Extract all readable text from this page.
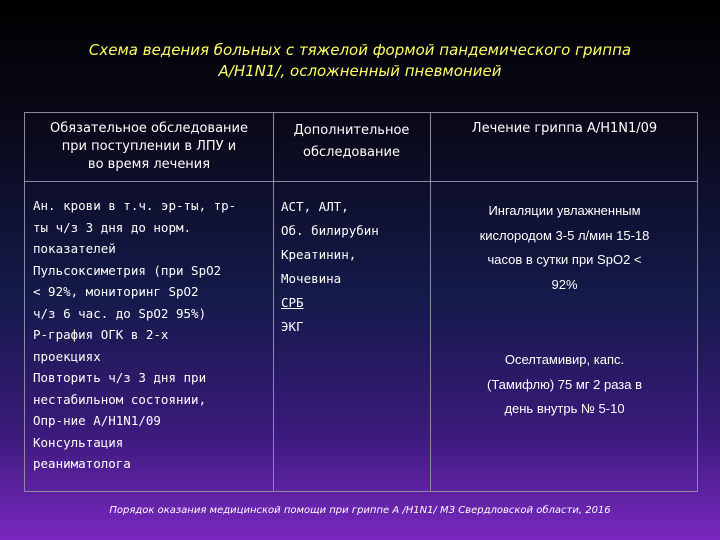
Схема ведения больных с тяжелой формой пандемического гриппа
A/H1N1/, осложненный пневмонией
Обязательное обследование
при поступлении в ЛПУ и
во время лечения
Дополнительное
обследование
Лечение гриппа A/H1N1/09
Ан. крови в т.ч. эр-ты, тр-
ты ч/з 3 дня до норм.
показателей
Пульсоксиметрия (при SpO2
< 92%, мониторинг SpO2
ч/з 6 час. до SpO2 95%)
Р-графия ОГК в 2-х
проекциях
Повторить ч/з 3 дня при
нестабильном состоянии,
Опр-ние A/H1N1/09
Консультация
реаниматолога
АСТ, АЛТ,
Об. билирубин
Креатинин,
Мочевина
СРБ
ЭКГ
Ингаляции увлажненным
кислородом 3-5 л/мин 15-18
часов в сутки при SpO2 <
92%
Оселтамивир, капс.
(Тамифлю) 75 мг 2 раза в
день внутрь № 5-10
Порядок оказания медицинской помощи при гриппе A /H1N1/ МЗ Свердловской области, 2016
